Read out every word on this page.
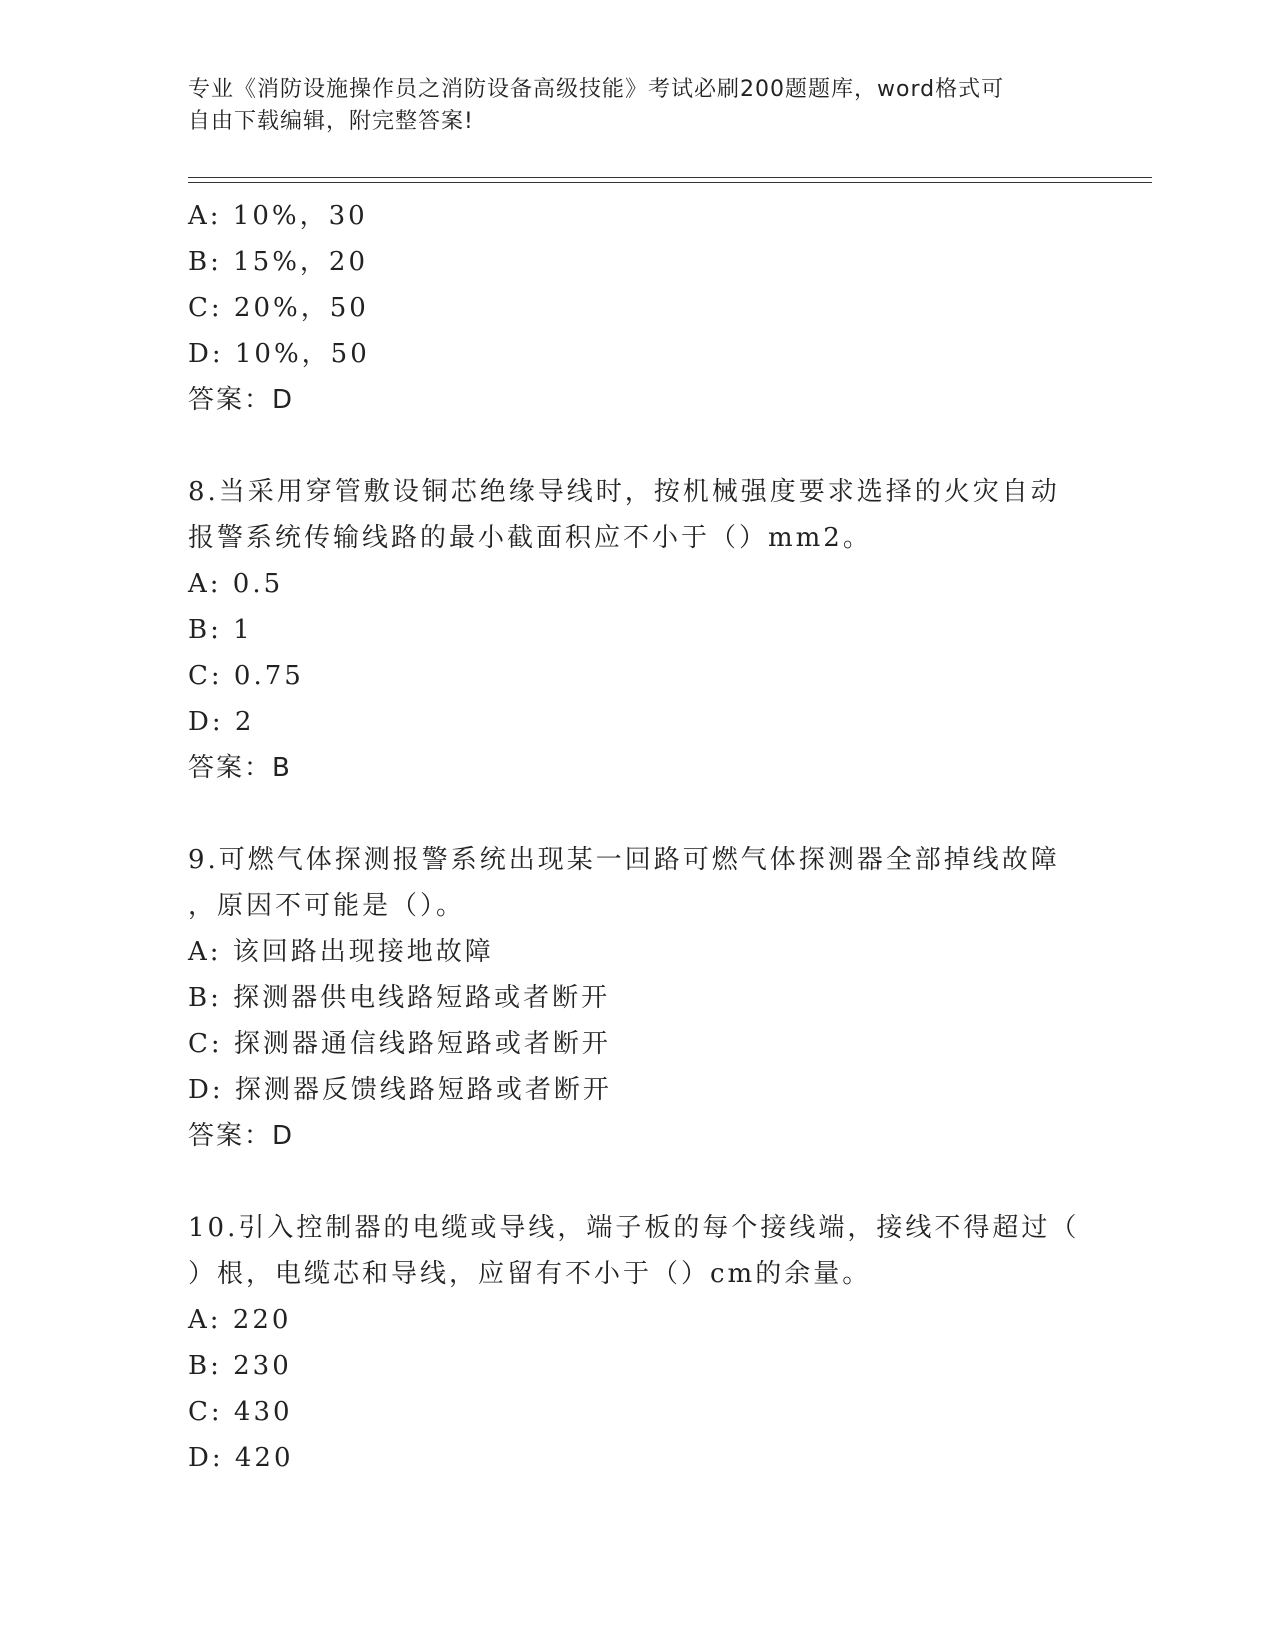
专业《消防设施操作员之消防设备高级技能》考试必刷200题题库，word格式可
自由下载编辑，附完整答案!
A: 10%，30
B: 15%，20
C: 20%，50
D: 10%，50
答案：D
8.当采用穿管敷设铜芯绝缘导线时，按机械强度要求选择的火灾自动
报警系统传输线路的最小截面积应不小于（）mm2。
A: 0.5
B: 1
C: 0.75
D: 2
答案：B
9.可燃气体探测报警系统出现某一回路可燃气体探测器全部掉线故障
，原因不可能是（）。
A: 该回路出现接地故障
B: 探测器供电线路短路或者断开
C: 探测器通信线路短路或者断开
D: 探测器反馈线路短路或者断开
答案：D
10.引入控制器的电缆或导线，端子板的每个接线端，接线不得超过（
）根，电缆芯和导线，应留有不小于（）cm的余量。
A: 220
B: 230
C: 430
D: 420
